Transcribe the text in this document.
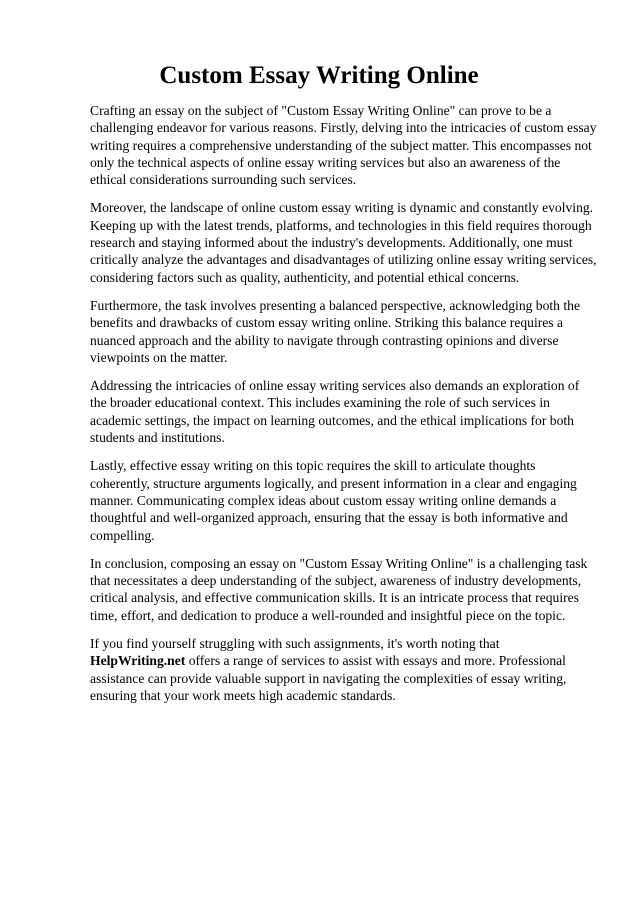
Custom Essay Writing Online

Crafting an essay on the subject of "Custom Essay Writing Online" can prove to be a challenging endeavor for various reasons. Firstly, delving into the intricacies of custom essay writing requires a comprehensive understanding of the subject matter. This encompasses not only the technical aspects of online essay writing services but also an awareness of the ethical considerations surrounding such services.

Moreover, the landscape of online custom essay writing is dynamic and constantly evolving. Keeping up with the latest trends, platforms, and technologies in this field requires thorough research and staying informed about the industry's developments. Additionally, one must critically analyze the advantages and disadvantages of utilizing online essay writing services, considering factors such as quality, authenticity, and potential ethical concerns.

Furthermore, the task involves presenting a balanced perspective, acknowledging both the benefits and drawbacks of custom essay writing online. Striking this balance requires a nuanced approach and the ability to navigate through contrasting opinions and diverse viewpoints on the matter.

Addressing the intricacies of online essay writing services also demands an exploration of the broader educational context. This includes examining the role of such services in academic settings, the impact on learning outcomes, and the ethical implications for both students and institutions.

Lastly, effective essay writing on this topic requires the skill to articulate thoughts coherently, structure arguments logically, and present information in a clear and engaging manner. Communicating complex ideas about custom essay writing online demands a thoughtful and well-organized approach, ensuring that the essay is both informative and compelling.

In conclusion, composing an essay on "Custom Essay Writing Online" is a challenging task that necessitates a deep understanding of the subject, awareness of industry developments, critical analysis, and effective communication skills. It is an intricate process that requires time, effort, and dedication to produce a well-rounded and insightful piece on the topic.

If you find yourself struggling with such assignments, it's worth noting that HelpWriting.net offers a range of services to assist with essays and more. Professional assistance can provide valuable support in navigating the complexities of essay writing, ensuring that your work meets high academic standards.
